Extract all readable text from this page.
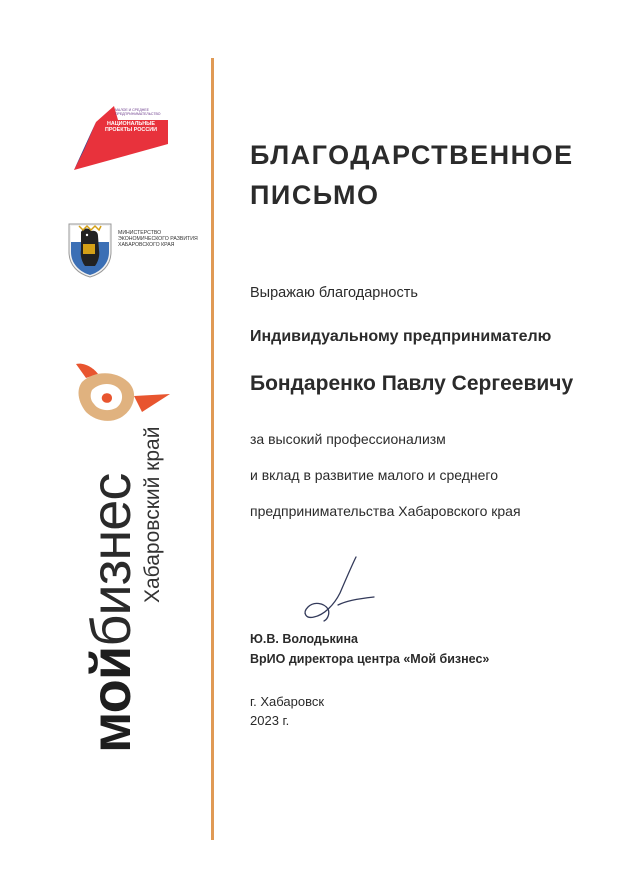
МАЛОЕ И СРЕДНЕЕ ПРЕДПРИНИМАТЕЛЬСТВО
НАЦИОНАЛЬНЫЕ ПРОЕКТЫ РОССИИ
МИНИСТЕРСТВО ЭКОНОМИЧЕСКОГО РАЗВИТИЯ ХАБАРОВСКОГО КРАЯ
мойбизнес Хабаровский край
БЛАГОДАРСТВЕННОЕ ПИСЬМО
Выражаю благодарность
Индивидуальному предпринимателю
Бондаренко Павлу Сергеевичу
за высокий профессионализм
и вклад в развитие малого и среднего
предпринимательства Хабаровского края
Ю.В. Володькина
ВрИО директора центра «Мой бизнес»
г. Хабаровск
2023 г.
